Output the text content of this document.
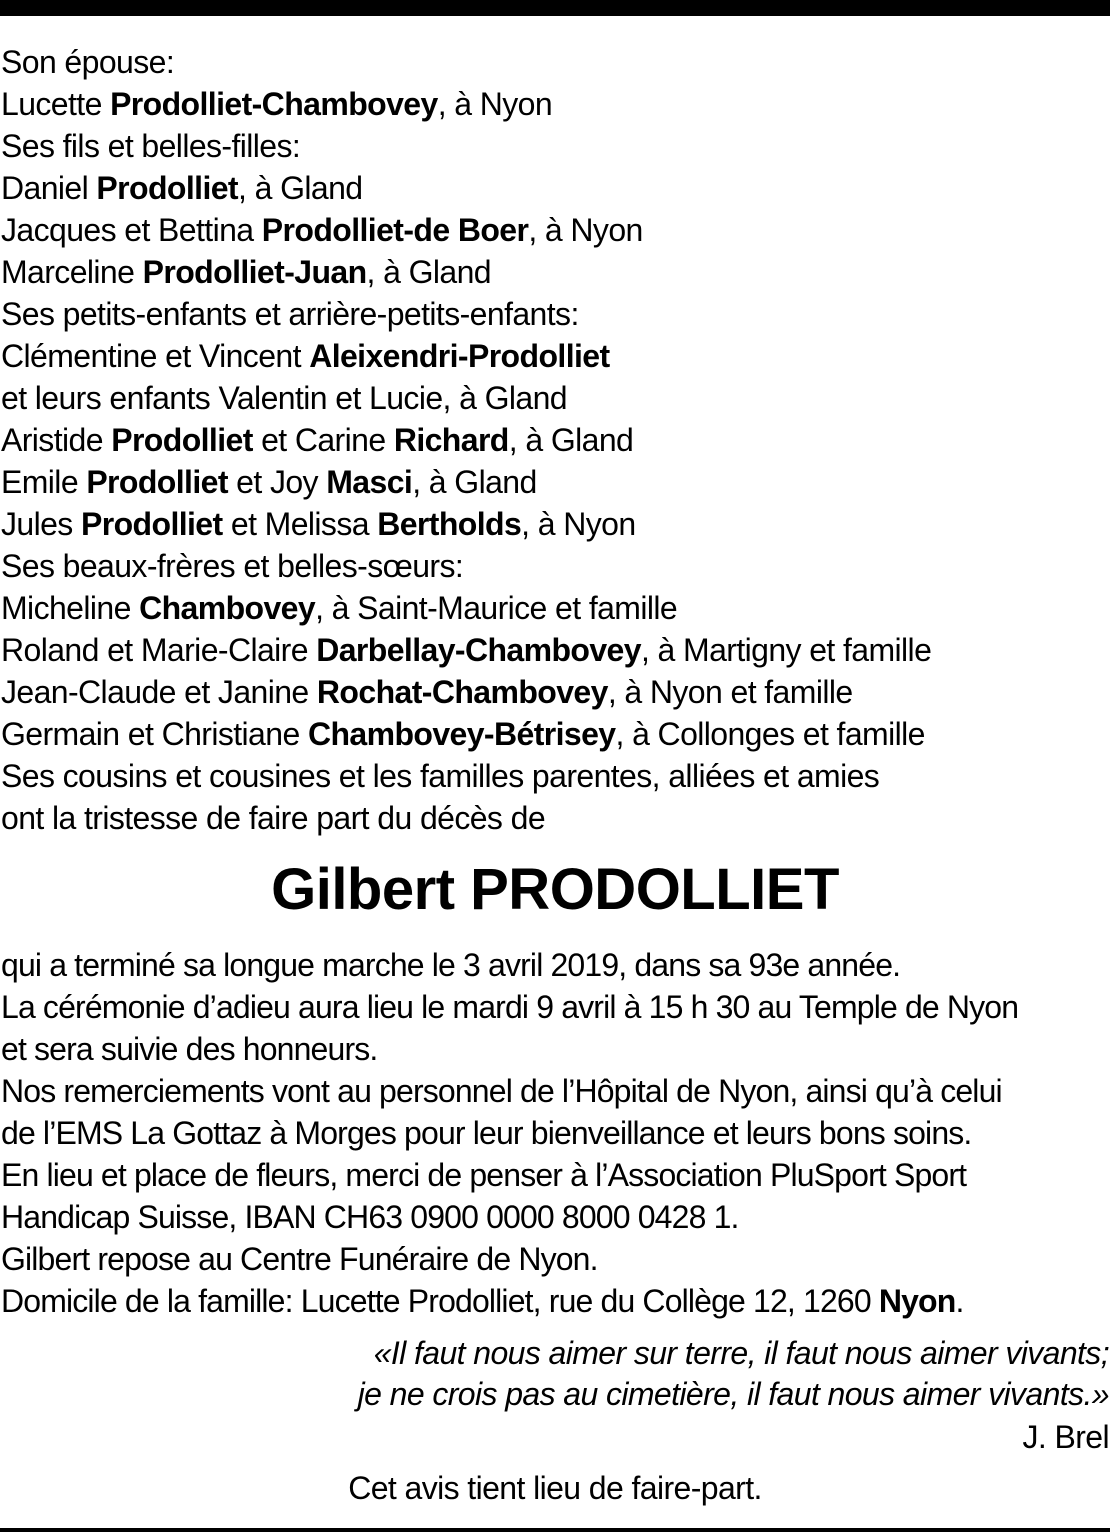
Son épouse:
Lucette Prodolliet-Chambovey, à Nyon
Ses fils et belles-filles:
Daniel Prodolliet, à Gland
Jacques et Bettina Prodolliet-de Boer, à Nyon
Marceline Prodolliet-Juan, à Gland
Ses petits-enfants et arrière-petits-enfants:
Clémentine et Vincent Aleixendri-Prodolliet
et leurs enfants Valentin et Lucie, à Gland
Aristide Prodolliet et Carine Richard, à Gland
Emile Prodolliet et Joy Masci, à Gland
Jules Prodolliet et Melissa Bertholds, à Nyon
Ses beaux-frères et belles-sœurs:
Micheline Chambovey, à Saint-Maurice et famille
Roland et Marie-Claire Darbellay-Chambovey, à Martigny et famille
Jean-Claude et Janine Rochat-Chambovey, à Nyon et famille
Germain et Christiane Chambovey-Bétrisey, à Collonges et famille
Ses cousins et cousines et les familles parentes, alliées et amies
ont la tristesse de faire part du décès de
Gilbert PRODOLLIET
qui a terminé sa longue marche le 3 avril 2019, dans sa 93e année.
La cérémonie d’adieu aura lieu le mardi 9 avril à 15 h 30 au Temple de Nyon
et sera suivie des honneurs.
Nos remerciements vont au personnel de l’Hôpital de Nyon, ainsi qu’à celui
de l’EMS La Gottaz à Morges pour leur bienveillance et leurs bons soins.
En lieu et place de fleurs, merci de penser à l’Association PluSport Sport
Handicap Suisse, IBAN CH63 0900 0000 8000 0428 1.
Gilbert repose au Centre Funéraire de Nyon.
Domicile de la famille: Lucette Prodolliet, rue du Collège 12, 1260 Nyon.
«Il faut nous aimer sur terre, il faut nous aimer vivants;
je ne crois pas au cimetière, il faut nous aimer vivants.»
J. Brel
Cet avis tient lieu de faire-part.
